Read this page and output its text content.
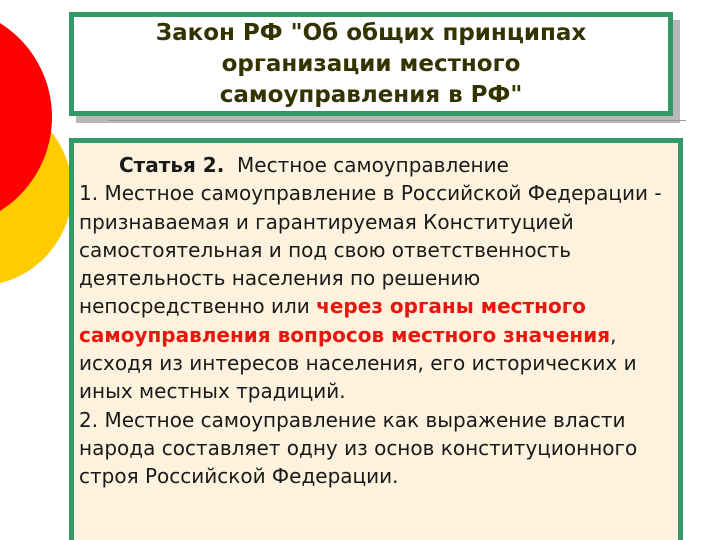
Закон РФ "Об общих принципах
организации местного
самоуправления в РФ"

Статья 2. Местное самоуправление
1. Местное самоуправление в Российской Федерации - признаваемая и гарантируемая Конституцией самостоятельная и под свою ответственность деятельность населения по решению непосредственно или через органы местного самоуправления вопросов местного значения, исходя из интересов населения, его исторических и иных местных традиций.
2. Местное самоуправление как выражение власти народа составляет одну из основ конституционного строя Российской Федерации.
